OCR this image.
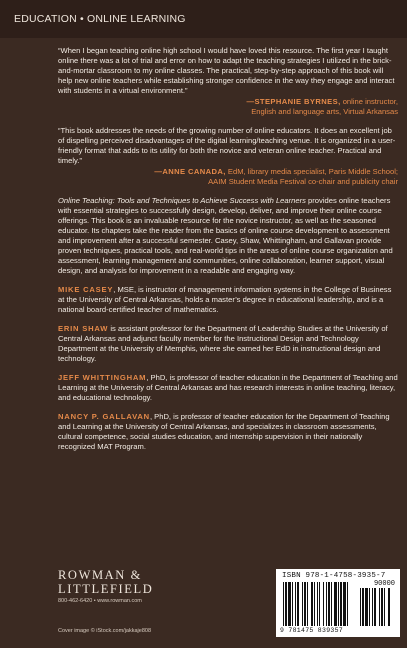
EDUCATION • ONLINE LEARNING

“When I began teaching online high school I would have loved this resource. The first year I taught online there was a lot of trial and error on how to adapt the teaching strategies I utilized in the brick-and-mortar classroom to my online classes. The practical, step-by-step approach of this book will help new online teachers while establishing stronger confidence in the way they engage and interact with students in a virtual environment.”

—STEPHANIE BYRNES, online instructor,
English and language arts, Virtual Arkansas

“This book addresses the needs of the growing number of online educators. It does an excellent job of dispelling perceived disadvantages of the digital learning/teaching venue. It is organized in a user-friendly format that adds to its utility for both the novice and veteran online teacher. Practical and timely.”

—ANNE CANADA, EdM, library media specialist, Paris Middle School;
AAIM Student Media Festival co-chair and publicity chair

Online Teaching: Tools and Techniques to Achieve Success with Learners provides online teachers with essential strategies to successfully design, develop, deliver, and improve their online course offerings. This book is an invaluable resource for the novice instructor, as well as the seasoned educator. Its chapters take the reader from the basics of online course development to assessment and improvement after a successful semester. Casey, Shaw, Whittingham, and Gallavan provide proven techniques, practical tools, and real-world tips in the areas of online course organization and assessment, learning management and communities, online collaboration, learner support, visual design, and analysis for improvement in a readable and engaging way.

MIKE CASEY, MSE, is instructor of management information systems in the College of Business at the University of Central Arkansas, holds a master’s degree in educational leadership, and is a national board-certified teacher of mathematics.

ERIN SHAW is assistant professor for the Department of Leadership Studies at the University of Central Arkansas and adjunct faculty member for the Instructional Design and Technology Department at the University of Memphis, where she earned her EdD in instructional design and technology.

JEFF WHITTINGHAM, PhD, is professor of teacher education in the Department of Teaching and Learning at the University of Central Arkansas and has research interests in online teaching, literacy, and educational technology.

NANCY P. GALLAVAN, PhD, is professor of teacher education for the Department of Teaching and Learning at the University of Central Arkansas, and specializes in classroom assessments, cultural competence, social studies education, and internship supervision in their nationally recognized MAT Program.

ROWMAN &
LITTLEFIELD
800-462-6420 • www.rowman.com
Cover image © iStock.com/jakkaje808
ISBN 978-1-4758-3935-7
90000
9 781475 839357
